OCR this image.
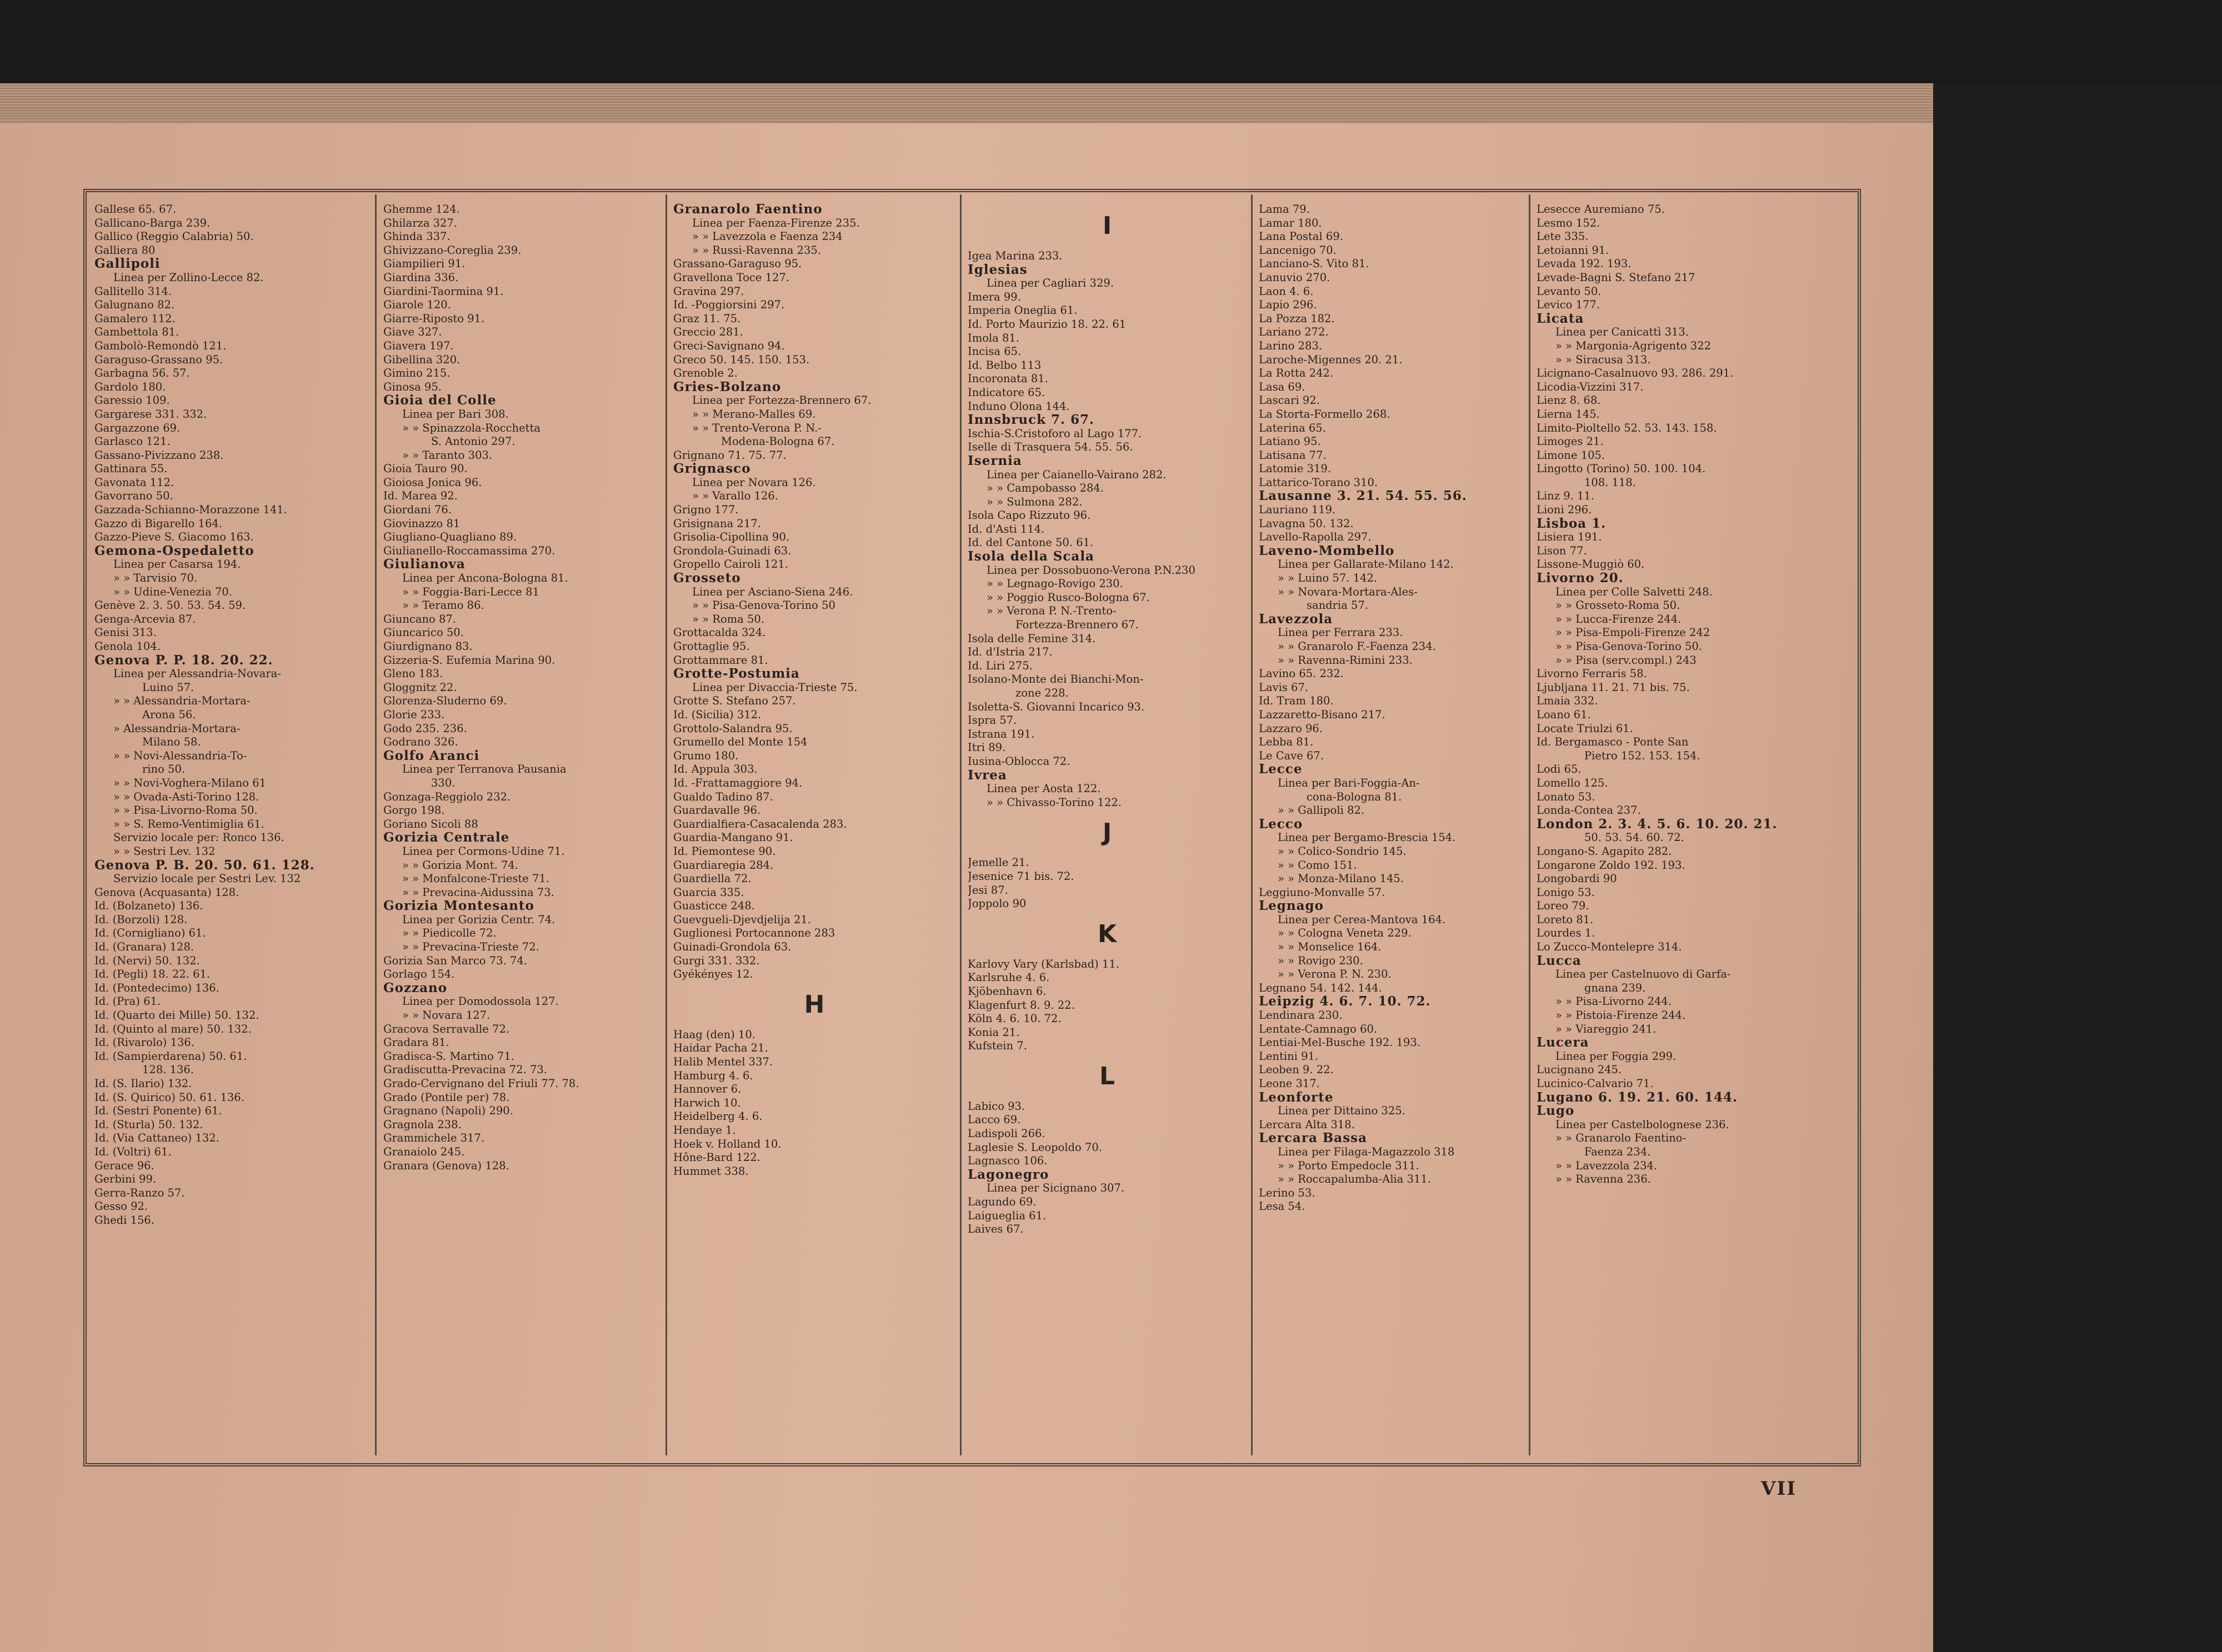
Gallese 65. 67.
Gallicano-Barga 239.
Gallico (Reggio Calabria) 50.
Galliera 80
Gallipoli
Linea per Zollino-Lecce 82.
Gallitello 314.
Galugnano 82.
Gamalero 112.
Gambettola 81.
Gambolò-Remondò 121.
Garaguso-Grassano 95.
Garbagna 56. 57.
Gardolo 180.
Garessio 109.
Gargarese 331. 332.
Gargazzone 69.
Garlasco 121.
Gassano-Pivizzano 238.
Gattinara 55.
Gavonata 112.
Gavorrano 50.
Gazzada-Schianno-Morazzone 141.
Gazzo di Bigarello 164.
Gazzo-Pieve S. Giacomo 163.
Gemona-Ospedaletto
Linea per Casarsa 194.
» » Tarvisio 70.
» » Udine-Venezia 70.
Genève 2. 3. 50. 53. 54. 59.
Genga-Arcevia 87.
Genisi 313.
Genola 104.
Genova P. P. 18. 20. 22.
Linea per Alessandria-Novara-
Luino 57.
» » Alessandria-Mortara-
Arona 56.
» Alessandria-Mortara-
Milano 58.
» » Novi-Alessandria-To-
rino 50.
» » Novi-Voghera-Milano 61
» » Ovada-Asti-Torino 128.
» » Pisa-Livorno-Roma 50.
» » S. Remo-Ventimiglia 61.
Servizio locale per: Ronco 136.
» » Sestri Lev. 132
Genova P. B. 20. 50. 61. 128.
Servizio locale per Sestri Lev. 132
Genova (Acquasanta) 128.
Id. (Bolzaneto) 136.
Id. (Borzoli) 128.
Id. (Cornigliano) 61.
Id. (Granara) 128.
Id. (Nervi) 50. 132.
Id. (Pegli) 18. 22. 61.
Id. (Pontedecimo) 136.
Id. (Pra) 61.
Id. (Quarto dei Mille) 50. 132.
Id. (Quinto al mare) 50. 132.
Id. (Rivarolo) 136.
Id. (Sampierdarena) 50. 61.
128. 136.
Id. (S. Ilario) 132.
Id. (S. Quirico) 50. 61. 136.
Id. (Sestri Ponente) 61.
Id. (Sturla) 50. 132.
Id. (Via Cattaneo) 132.
Id. (Voltri) 61.
Gerace 96.
Gerbini 99.
Gerra-Ranzo 57.
Gesso 92.
Ghedi 156.
Ghemme 124.
Ghilarza 327.
Ghinda 337.
Ghivizzano-Coreglia 239.
Giampilieri 91.
Giardina 336.
Giardini-Taormina 91.
Giarole 120.
Giarre-Riposto 91.
Giave 327.
Giavera 197.
Gibellina 320.
Gimino 215.
Ginosa 95.
Gioia del Colle
Linea per Bari 308.
» » Spinazzola-Rocchetta
S. Antonio 297.
» » Taranto 303.
Gioia Tauro 90.
Gioiosa Jonica 96.
Id. Marea 92.
Giordani 76.
Giovinazzo 81
Giugliano-Quagliano 89.
Giulianello-Roccamassima 270.
Giulianova
Linea per Ancona-Bologna 81.
» » Foggia-Bari-Lecce 81
» » Teramo 86.
Giuncano 87.
Giuncarico 50.
Giurdignano 83.
Gizzeria-S. Eufemia Marina 90.
Gleno 183.
Gloggnitz 22.
Glorenza-Sluderno 69.
Glorie 233.
Godo 235. 236.
Godrano 326.
Golfo Aranci
Linea per Terranova Pausania
330.
Gonzaga-Reggiolo 232.
Gorgo 198.
Goriano Sicoli 88
Gorizia Centrale
Linea per Cormons-Udine 71.
» » Gorizia Mont. 74.
» » Monfalcone-Trieste 71.
» » Prevacina-Aidussina 73.
Gorizia Montesanto
Linea per Gorizia Centr. 74.
» » Piedicolle 72.
» » Prevacina-Trieste 72.
Gorizia San Marco 73. 74.
Gorlago 154.
Gozzano
Linea per Domodossola 127.
» » Novara 127.
Gracova Serravalle 72.
Gradara 81.
Gradisca-S. Martino 71.
Gradiscutta-Prevacina 72. 73.
Grado-Cervignano del Friuli 77. 78.
Grado (Pontile per) 78.
Gragnano (Napoli) 290.
Gragnola 238.
Grammichele 317.
Granaiolo 245.
Granara (Genova) 128.
Granarolo Faentino
Linea per Faenza-Firenze 235.
» » Lavezzola e Faenza 234
» » Russi-Ravenna 235.
Grassano-Garaguso 95.
Gravellona Toce 127.
Gravina 297.
Id. -Poggiorsini 297.
Graz 11. 75.
Greccio 281.
Greci-Savignano 94.
Greco 50. 145. 150. 153.
Grenoble 2.
Gries-Bolzano
Linea per Fortezza-Brennero 67.
» » Merano-Malles 69.
» » Trento-Verona P. N.-
Modena-Bologna 67.
Grignano 71. 75. 77.
Grignasco
Linea per Novara 126.
» » Varallo 126.
Grigno 177.
Grisignana 217.
Grisolia-Cipollina 90.
Grondola-Guinadi 63.
Gropello Cairoli 121.
Grosseto
Linea per Asciano-Siena 246.
» » Pisa-Genova-Torino 50
» » Roma 50.
Grottacalda 324.
Grottaglie 95.
Grottammare 81.
Grotte-Postumia
Linea per Divaccia-Trieste 75.
Grotte S. Stefano 257.
Id. (Sicilia) 312.
Grottolo-Salandra 95.
Grumello del Monte 154
Grumo 180.
Id. Appula 303.
Id. -Frattamaggiore 94.
Gualdo Tadino 87.
Guardavalle 96.
Guardialfiera-Casacalenda 283.
Guardia-Mangano 91.
Id. Piemontese 90.
Guardiaregia 284.
Guardiella 72.
Guarcia 335.
Guasticce 248.
Guevgueli-Djevdjelija 21.
Guglionesi Portocannone 283
Guinadi-Grondola 63.
Gurgi 331. 332.
Gyékényes 12.
H
Haag (den) 10.
Haidar Pacha 21.
Halib Mentel 337.
Hamburg 4. 6.
Hannover 6.
Harwich 10.
Heidelberg 4. 6.
Hendaye 1.
Hoek v. Holland 10.
Hône-Bard 122.
Hummet 338.
I
Igea Marina 233.
Iglesias
Linea per Cagliari 329.
Imera 99.
Imperia Oneglia 61.
Id. Porto Maurizio 18. 22. 61
Imola 81.
Incisa 65.
Id. Belbo 113
Incoronata 81.
Indicatore 65.
Induno Olona 144.
Innsbruck 7. 67.
Ischia-S.Cristoforo al Lago 177.
Iselle di Trasquera 54. 55. 56.
Isernia
Linea per Caianello-Vairano 282.
» » Campobasso 284.
» » Sulmona 282.
Isola Capo Rizzuto 96.
Id. d'Asti 114.
Id. del Cantone 50. 61.
Isola della Scala
Linea per Dossobuono-Verona P.N.230
» » Legnago-Rovigo 230.
» » Poggio Rusco-Bologna 67.
» » Verona P. N.-Trento-
Fortezza-Brennero 67.
Isola delle Femine 314.
Id. d'Istria 217.
Id. Liri 275.
Isolano-Monte dei Bianchi-Mon-
zone 228.
Isoletta-S. Giovanni Incarico 93.
Ispra 57.
Istrana 191.
Itri 89.
Iusina-Oblocca 72.
Ivrea
Linea per Aosta 122.
» » Chivasso-Torino 122.
J
Jemelle 21.
Jesenice 71 bis. 72.
Jesi 87.
Joppolo 90
K
Karlovy Vary (Karlsbad) 11.
Karlsruhe 4. 6.
Kjöbenhavn 6.
Klagenfurt 8. 9. 22.
Köln 4. 6. 10. 72.
Konia 21.
Kufstein 7.
L
Labico 93.
Lacco 69.
Ladispoli 266.
Laglesie S. Leopoldo 70.
Lagnasco 106.
Lagonegro
Linea per Sicignano 307.
Lagundo 69.
Laigueglia 61.
Laives 67.
Lama 79.
Lamar 180.
Lana Postal 69.
Lancenigo 70.
Lanciano-S. Vito 81.
Lanuvio 270.
Laon 4. 6.
Lapio 296.
La Pozza 182.
Lariano 272.
Larino 283.
Laroche-Migennes 20. 21.
La Rotta 242.
Lasa 69.
Lascari 92.
La Storta-Formello 268.
Laterina 65.
Latiano 95.
Latisana 77.
Latomie 319.
Lattarico-Torano 310.
Lausanne 3. 21. 54. 55. 56.
Lauriano 119.
Lavagna 50. 132.
Lavello-Rapolla 297.
Laveno-Mombello
Linea per Gallarate-Milano 142.
» » Luino 57. 142.
» » Novara-Mortara-Ales-
sandria 57.
Lavezzola
Linea per Ferrara 233.
» » Granarolo F.-Faenza 234.
» » Ravenna-Rimini 233.
Lavino 65. 232.
Lavis 67.
Id. Tram 180.
Lazzaretto-Bisano 217.
Lazzaro 96.
Lebba 81.
Le Cave 67.
Lecce
Linea per Bari-Foggia-An-
cona-Bologna 81.
» » Gallipoli 82.
Lecco
Linea per Bergamo-Brescia 154.
» » Colico-Sondrio 145.
» » Como 151.
» » Monza-Milano 145.
Leggiuno-Monvalle 57.
Legnago
Linea per Cerea-Mantova 164.
» » Cologna Veneta 229.
» » Monselice 164.
» » Rovigo 230.
» » Verona P. N. 230.
Legnano 54. 142. 144.
Leipzig 4. 6. 7. 10. 72.
Lendinara 230.
Lentate-Camnago 60.
Lentiai-Mel-Busche 192. 193.
Lentini 91.
Leoben 9. 22.
Leone 317.
Leonforte
Linea per Dittaino 325.
Lercara Alta 318.
Lercara Bassa
Linea per Filaga-Magazzolo 318
» » Porto Empedocle 311.
» » Roccapalumba-Alia 311.
Lerino 53.
Lesa 54.
Lesecce Auremiano 75.
Lesmo 152.
Lete 335.
Letoianni 91.
Levada 192. 193.
Levade-Bagni S. Stefano 217
Levanto 50.
Levico 177.
Licata
Linea per Canicattì 313.
» » Margonia-Agrigento 322
» » Siracusa 313.
Licignano-Casalnuovo 93. 286. 291.
Licodia-Vizzini 317.
Lienz 8. 68.
Lierna 145.
Limito-Pioltello 52. 53. 143. 158.
Limoges 21.
Limone 105.
Lingotto (Torino) 50. 100. 104.
108. 118.
Linz 9. 11.
Lioni 296.
Lisboa 1.
Lisiera 191.
Lison 77.
Lissone-Muggiò 60.
Livorno 20.
Linea per Colle Salvetti 248.
» » Grosseto-Roma 50.
» » Lucca-Firenze 244.
» » Pisa-Empoli-Firenze 242
» » Pisa-Genova-Torino 50.
» » Pisa (serv.compl.) 243
Livorno Ferraris 58.
Ljubljana 11. 21. 71 bis. 75.
Lmaia 332.
Loano 61.
Locate Triulzi 61.
Id. Bergamasco - Ponte San
Pietro 152. 153. 154.
Lodi 65.
Lomello 125.
Lonato 53.
Londa-Contea 237.
London 2. 3. 4. 5. 6. 10. 20. 21.
50. 53. 54. 60. 72.
Longano-S. Agapito 282.
Longarone Zoldo 192. 193.
Longobardi 90
Lonigo 53.
Loreo 79.
Loreto 81.
Lourdes 1.
Lo Zucco-Montelepre 314.
Lucca
Linea per Castelnuovo di Garfa-
gnana 239.
» » Pisa-Livorno 244.
» » Pistoia-Firenze 244.
» » Viareggio 241.
Lucera
Linea per Foggia 299.
Lucignano 245.
Lucinico-Calvario 71.
Lugano 6. 19. 21. 60. 144.
Lugo
Linea per Castelbolognese 236.
» » Granarolo Faentino-
Faenza 234.
» » Lavezzola 234.
» » Ravenna 236.
VII
